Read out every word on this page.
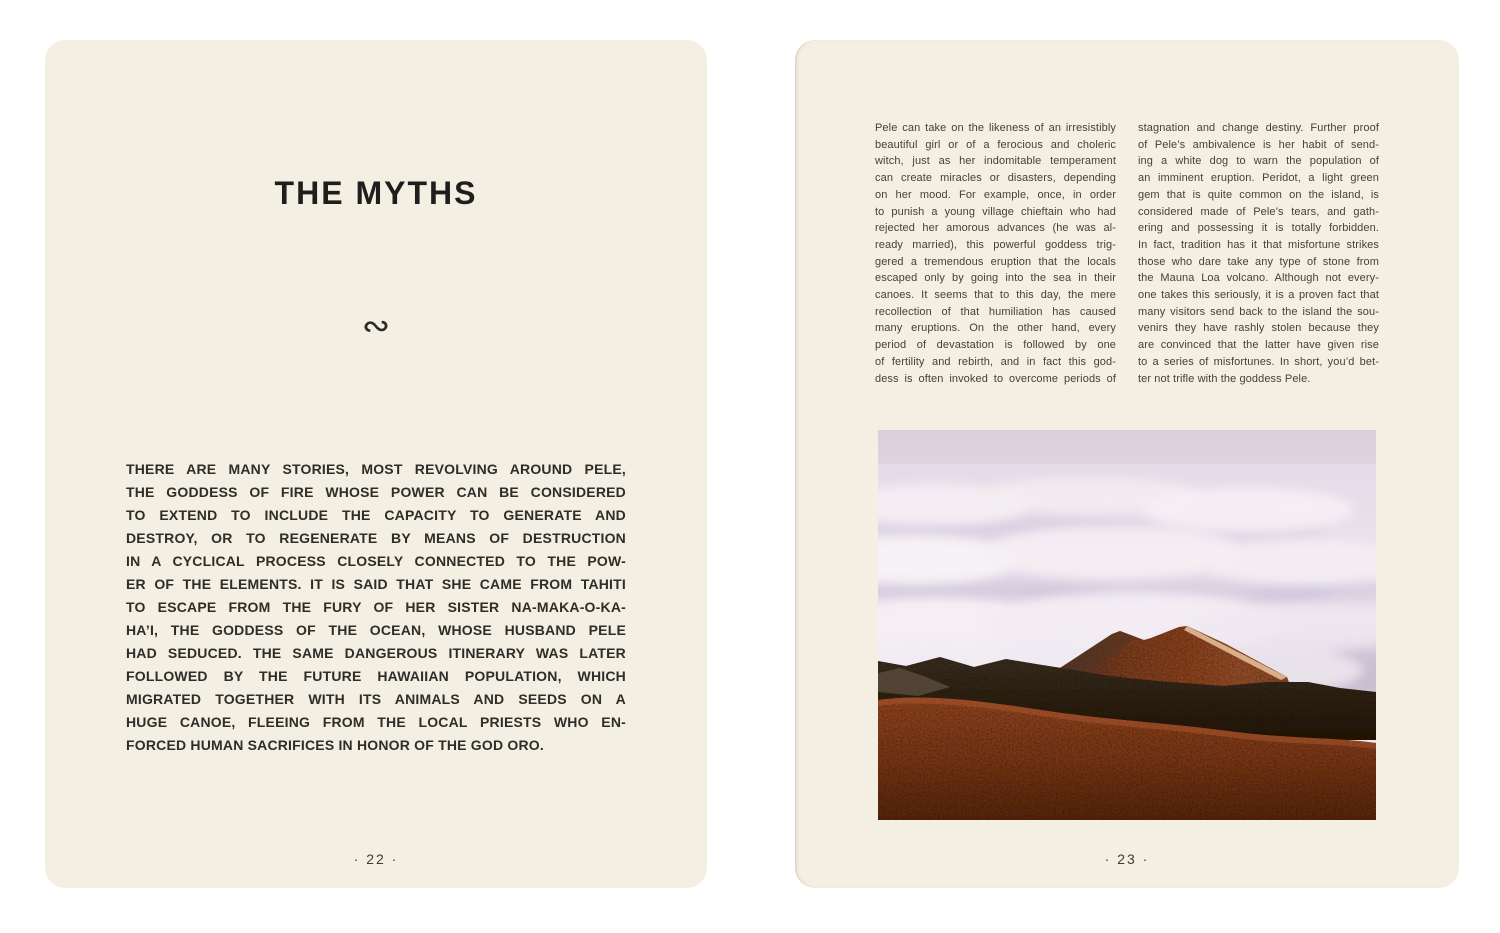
THE MYTHS
∾
THERE ARE MANY STORIES, MOST REVOLVING AROUND PELE,
THE GODDESS OF FIRE WHOSE POWER CAN BE CONSIDERED
TO EXTEND TO INCLUDE THE CAPACITY TO GENERATE AND
DESTROY, OR TO REGENERATE BY MEANS OF DESTRUCTION
IN A CYCLICAL PROCESS CLOSELY CONNECTED TO THE POW-
ER OF THE ELEMENTS. IT IS SAID THAT SHE CAME FROM TAHITI
TO ESCAPE FROM THE FURY OF HER SISTER NA-MAKA-O-KA-
HA’I, THE GODDESS OF THE OCEAN, WHOSE HUSBAND PELE
HAD SEDUCED. THE SAME DANGEROUS ITINERARY WAS LATER
FOLLOWED BY THE FUTURE HAWAIIAN POPULATION, WHICH
MIGRATED TOGETHER WITH ITS ANIMALS AND SEEDS ON A
HUGE CANOE, FLEEING FROM THE LOCAL PRIESTS WHO EN-
FORCED HUMAN SACRIFICES IN HONOR OF THE GOD ORO.
· 22 ·
Pele can take on the likeness of an irresistibly
beautiful girl or of a ferocious and choleric
witch, just as her indomitable temperament
can create miracles or disasters, depending
on her mood. For example, once, in order
to punish a young village chieftain who had
rejected her amorous advances (he was al-
ready married), this powerful goddess trig-
gered a tremendous eruption that the locals
escaped only by going into the sea in their
canoes. It seems that to this day, the mere
recollection of that humiliation has caused
many eruptions. On the other hand, every
period of devastation is followed by one
of fertility and rebirth, and in fact this god-
dess is often invoked to overcome periods of
stagnation and change destiny. Further proof
of Pele’s ambivalence is her habit of send-
ing a white dog to warn the population of
an imminent eruption. Peridot, a light green
gem that is quite common on the island, is
considered made of Pele’s tears, and gath-
ering and possessing it is totally forbidden.
In fact, tradition has it that misfortune strikes
those who dare take any type of stone from
the Mauna Loa volcano. Although not every-
one takes this seriously, it is a proven fact that
many visitors send back to the island the sou-
venirs they have rashly stolen because they
are convinced that the latter have given rise
to a series of misfortunes. In short, you’d bet-
ter not trifle with the goddess Pele.
· 23 ·
